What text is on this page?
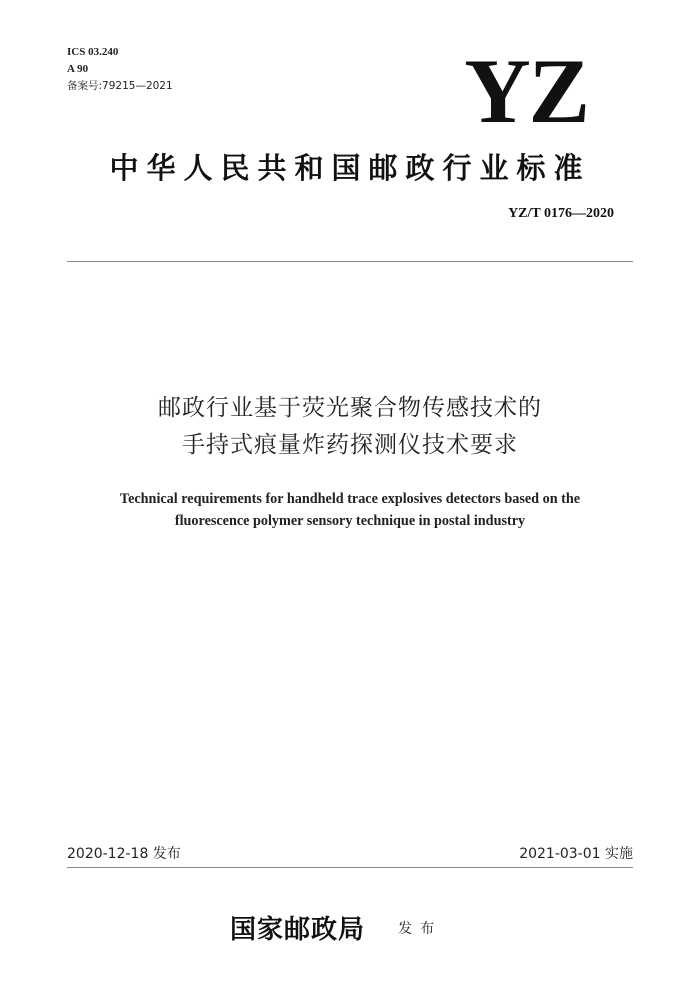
ICS 03.240
A 90
备案号:79215—2021	YZ
中华人民共和国邮政行业标准
YZ/T 0176—2020
邮政行业基于荧光聚合物传感技术的
手持式痕量炸药探测仪技术要求
Technical requirements for handheld trace explosives detectors based on the
fluorescence polymer sensory technique in postal industry
2020-12-18 发布	2021-03-01 实施
国家邮政局 发布
